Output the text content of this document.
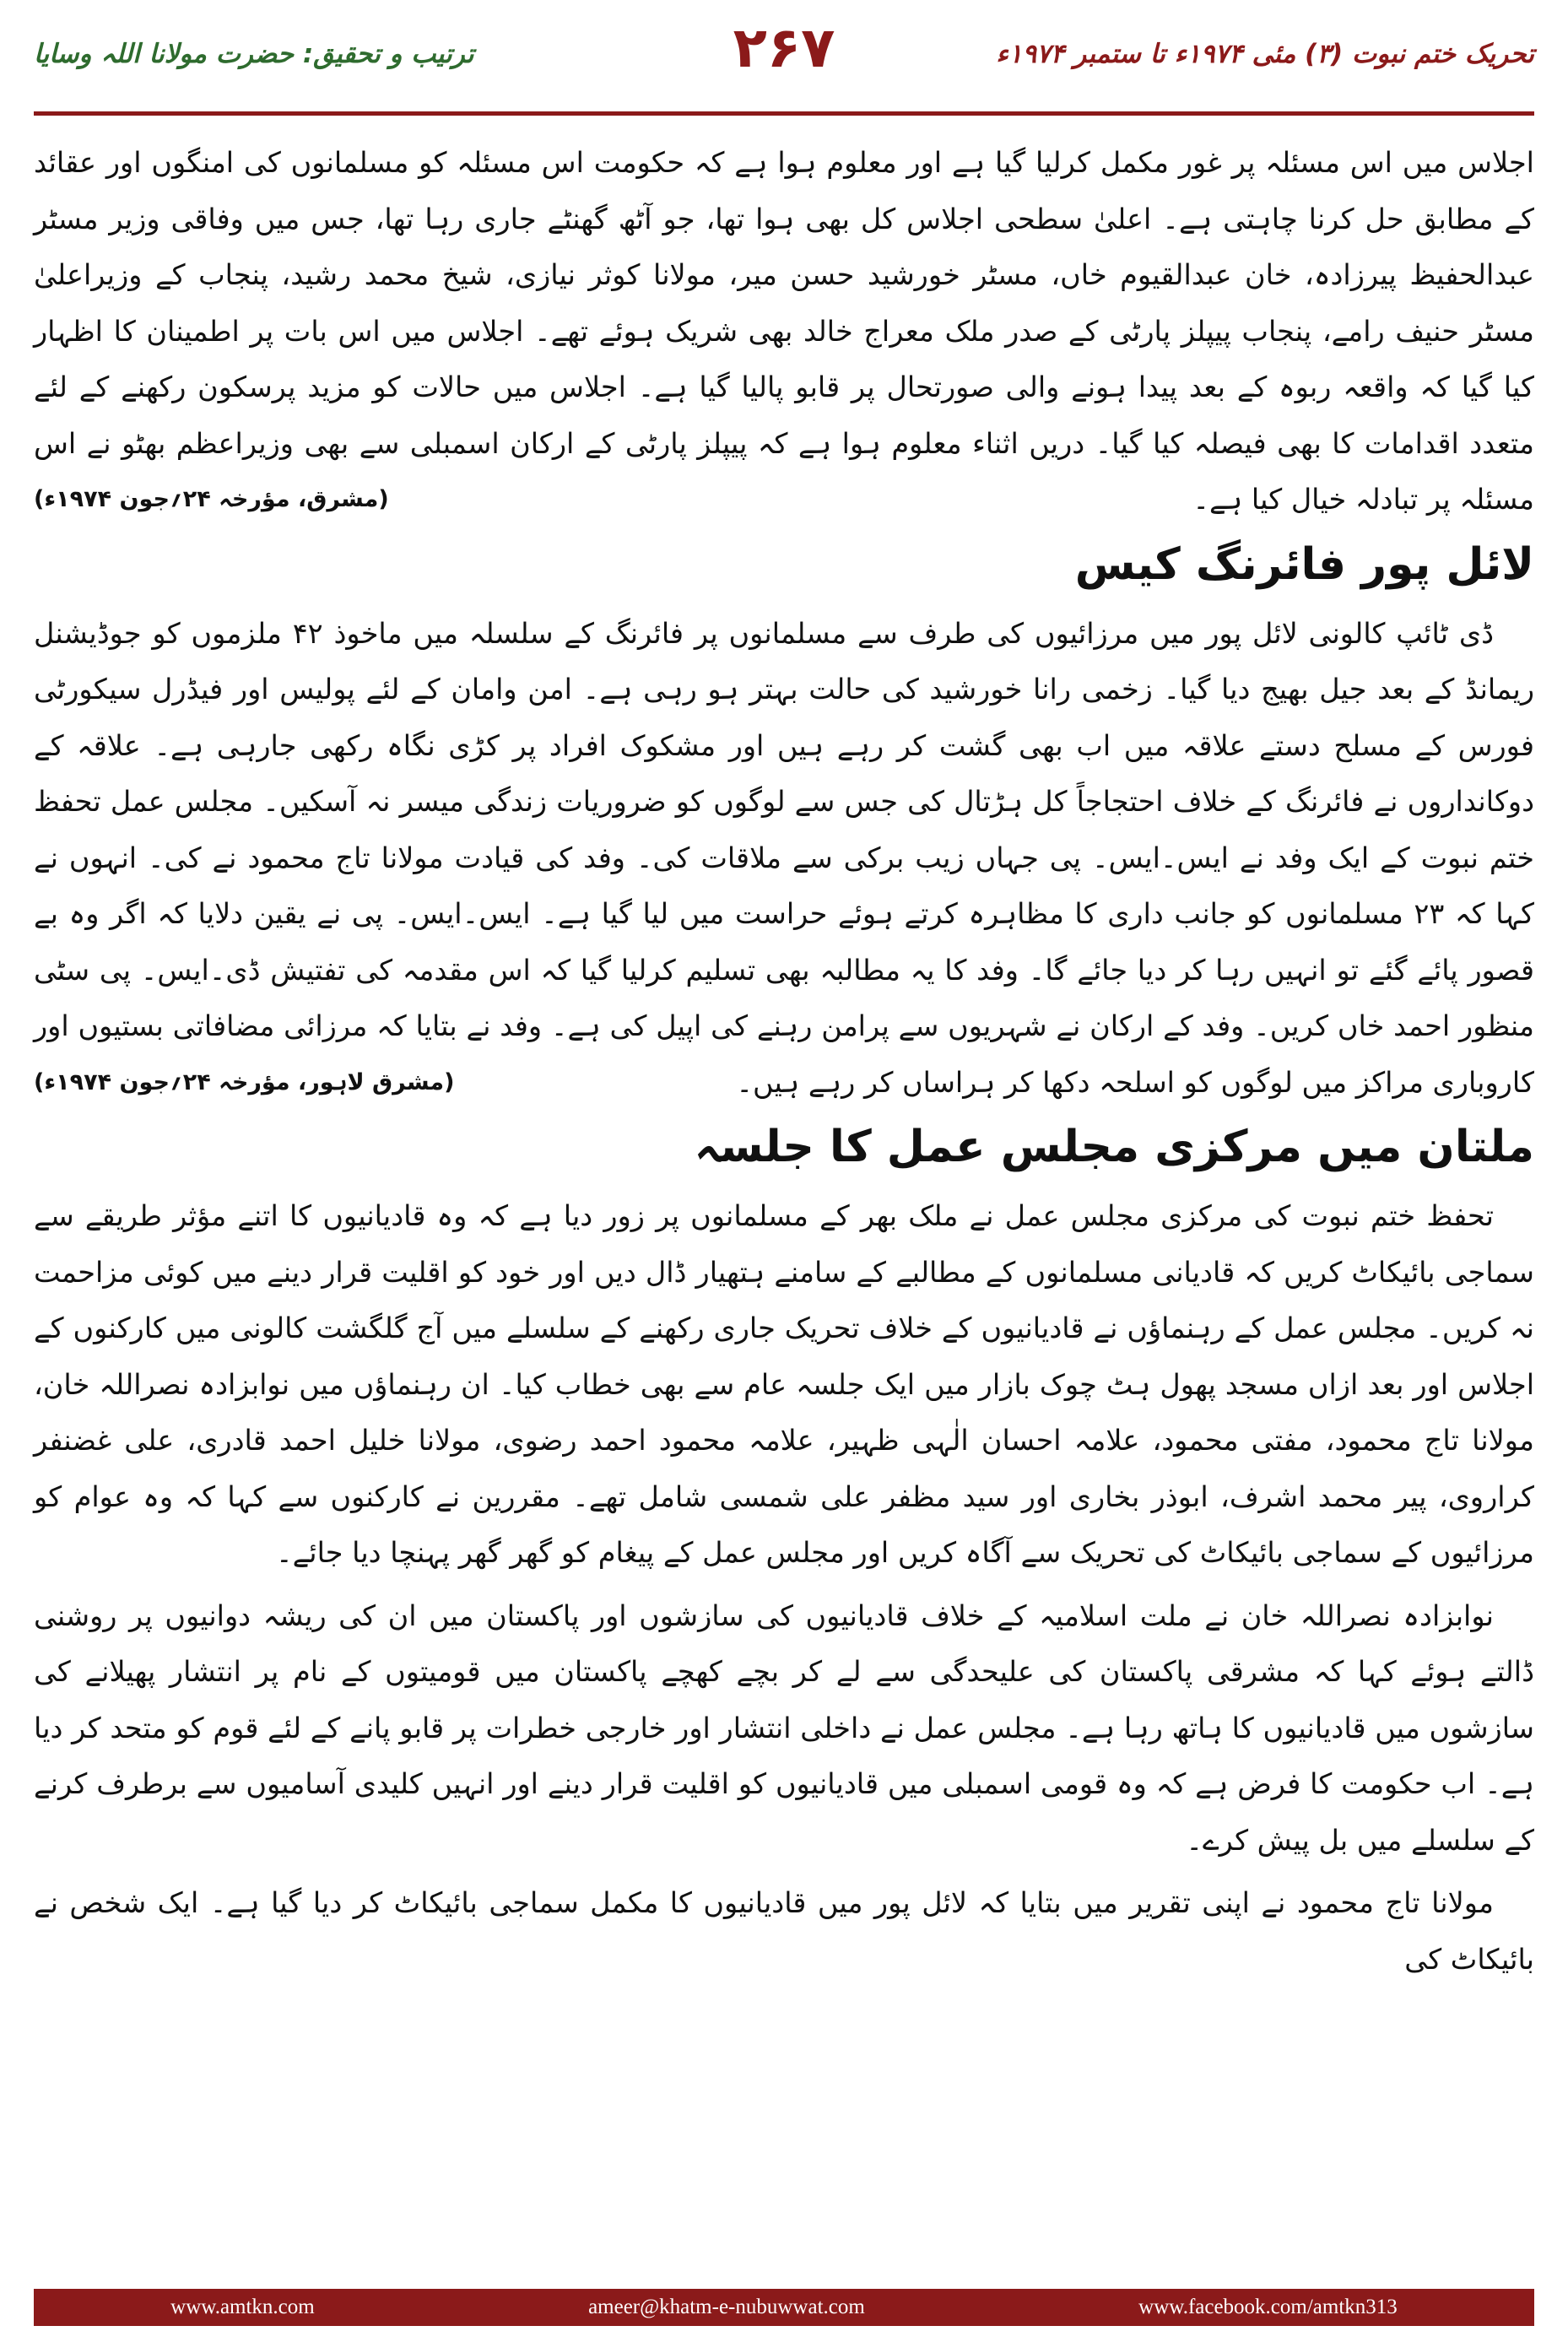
تحریک ختم نبوت (۳) مئی ۱۹۷۴ء تا ستمبر ۱۹۷۴ء
۲۶۷
ترتیب و تحقیق: حضرت مولانا اللہ وسایا

اجلاس میں اس مسئلہ پر غور مکمل کرلیا گیا ہے اور معلوم ہوا ہے کہ حکومت اس مسئلہ کو مسلمانوں کی امنگوں اور عقائد کے مطابق حل کرنا چاہتی ہے۔ اعلیٰ سطحی اجلاس کل بھی ہوا تھا، جو آٹھ گھنٹے جاری رہا تھا، جس میں وفاقی وزیر مسٹر عبدالحفیظ پیرزادہ، خان عبدالقیوم خاں، مسٹر خورشید حسن میر، مولانا کوثر نیازی، شیخ محمد رشید، پنجاب کے وزیراعلیٰ مسٹر حنیف رامے، پنجاب پیپلز پارٹی کے صدر ملک معراج خالد بھی شریک ہوئے تھے۔ اجلاس میں اس بات پر اطمینان کا اظہار کیا گیا کہ واقعہ ربوہ کے بعد پیدا ہونے والی صورتحال پر قابو پالیا گیا ہے۔ اجلاس میں حالات کو مزید پرسکون رکھنے کے لئے متعدد اقدامات کا بھی فیصلہ کیا گیا۔ دریں اثناء معلوم ہوا ہے کہ پیپلز پارٹی کے ارکان اسمبلی سے بھی وزیراعظم بھٹو نے اس مسئلہ پر تبادلہ خیال کیا ہے۔
(مشرق، مؤرخہ ۲۴؍جون ۱۹۷۴ء)

لائل پور فائرنگ کیس

ڈی ٹائپ کالونی لائل پور میں مرزائیوں کی طرف سے مسلمانوں پر فائرنگ کے سلسلہ میں ماخوذ ۴۲ ملزموں کو جوڈیشنل ریمانڈ کے بعد جیل بھیج دیا گیا۔ زخمی رانا خورشید کی حالت بہتر ہو رہی ہے۔ امن وامان کے لئے پولیس اور فیڈرل سیکورٹی فورس کے مسلح دستے علاقہ میں اب بھی گشت کر رہے ہیں اور مشکوک افراد پر کڑی نگاہ رکھی جارہی ہے۔ علاقہ کے دوکانداروں نے فائرنگ کے خلاف احتجاجاً کل ہڑتال کی جس سے لوگوں کو ضروریات زندگی میسر نہ آسکیں۔ مجلس عمل تحفظ ختم نبوت کے ایک وفد نے ایس۔ایس۔ پی جہاں زیب برکی سے ملاقات کی۔ وفد کی قیادت مولانا تاج محمود نے کی۔ انہوں نے کہا کہ ۲۳ مسلمانوں کو جانب داری کا مظاہرہ کرتے ہوئے حراست میں لیا گیا ہے۔ ایس۔ایس۔ پی نے یقین دلایا کہ اگر وہ بے قصور پائے گئے تو انہیں رہا کر دیا جائے گا۔ وفد کا یہ مطالبہ بھی تسلیم کرلیا گیا کہ اس مقدمہ کی تفتیش ڈی۔ایس۔ پی سٹی منظور احمد خاں کریں۔ وفد کے ارکان نے شہریوں سے پرامن رہنے کی اپیل کی ہے۔ وفد نے بتایا کہ مرزائی مضافاتی بستیوں اور کاروباری مراکز میں لوگوں کو اسلحہ دکھا کر ہراساں کر رہے ہیں۔
(مشرق لاہور، مؤرخہ ۲۴؍جون ۱۹۷۴ء)

ملتان میں مرکزی مجلس عمل کا جلسہ

تحفظ ختم نبوت کی مرکزی مجلس عمل نے ملک بھر کے مسلمانوں پر زور دیا ہے کہ وہ قادیانیوں کا اتنے مؤثر طریقے سے سماجی بائیکاٹ کریں کہ قادیانی مسلمانوں کے مطالبے کے سامنے ہتھیار ڈال دیں اور خود کو اقلیت قرار دینے میں کوئی مزاحمت نہ کریں۔ مجلس عمل کے رہنماؤں نے قادیانیوں کے خلاف تحریک جاری رکھنے کے سلسلے میں آج گلگشت کالونی میں کارکنوں کے اجلاس اور بعد ازاں مسجد پھول ہٹ چوک بازار میں ایک جلسہ عام سے بھی خطاب کیا۔ ان رہنماؤں میں نوابزادہ نصراللہ خان، مولانا تاج محمود، مفتی محمود، علامہ احسان الٰہی ظہیر، علامہ محمود احمد رضوی، مولانا خلیل احمد قادری، علی غضنفر کراروی، پیر محمد اشرف، ابوذر بخاری اور سید مظفر علی شمسی شامل تھے۔ مقررین نے کارکنوں سے کہا کہ وہ عوام کو مرزائیوں کے سماجی بائیکاٹ کی تحریک سے آگاہ کریں اور مجلس عمل کے پیغام کو گھر گھر پہنچا دیا جائے۔

نوابزادہ نصراللہ خان نے ملت اسلامیہ کے خلاف قادیانیوں کی سازشوں اور پاکستان میں ان کی ریشہ دوانیوں پر روشنی ڈالتے ہوئے کہا کہ مشرقی پاکستان کی علیحدگی سے لے کر بچے کھچے پاکستان میں قومیتوں کے نام پر انتشار پھیلانے کی سازشوں میں قادیانیوں کا ہاتھ رہا ہے۔ مجلس عمل نے داخلی انتشار اور خارجی خطرات پر قابو پانے کے لئے قوم کو متحد کر دیا ہے۔ اب حکومت کا فرض ہے کہ وہ قومی اسمبلی میں قادیانیوں کو اقلیت قرار دینے اور انہیں کلیدی آسامیوں سے برطرف کرنے کے سلسلے میں بل پیش کرے۔

مولانا تاج محمود نے اپنی تقریر میں بتایا کہ لائل پور میں قادیانیوں کا مکمل سماجی بائیکاٹ کر دیا گیا ہے۔ ایک شخص نے بائیکاٹ کی

www.amtkn.com	ameer@khatm-e-nubuwwat.com	www.facebook.com/amtkn313
